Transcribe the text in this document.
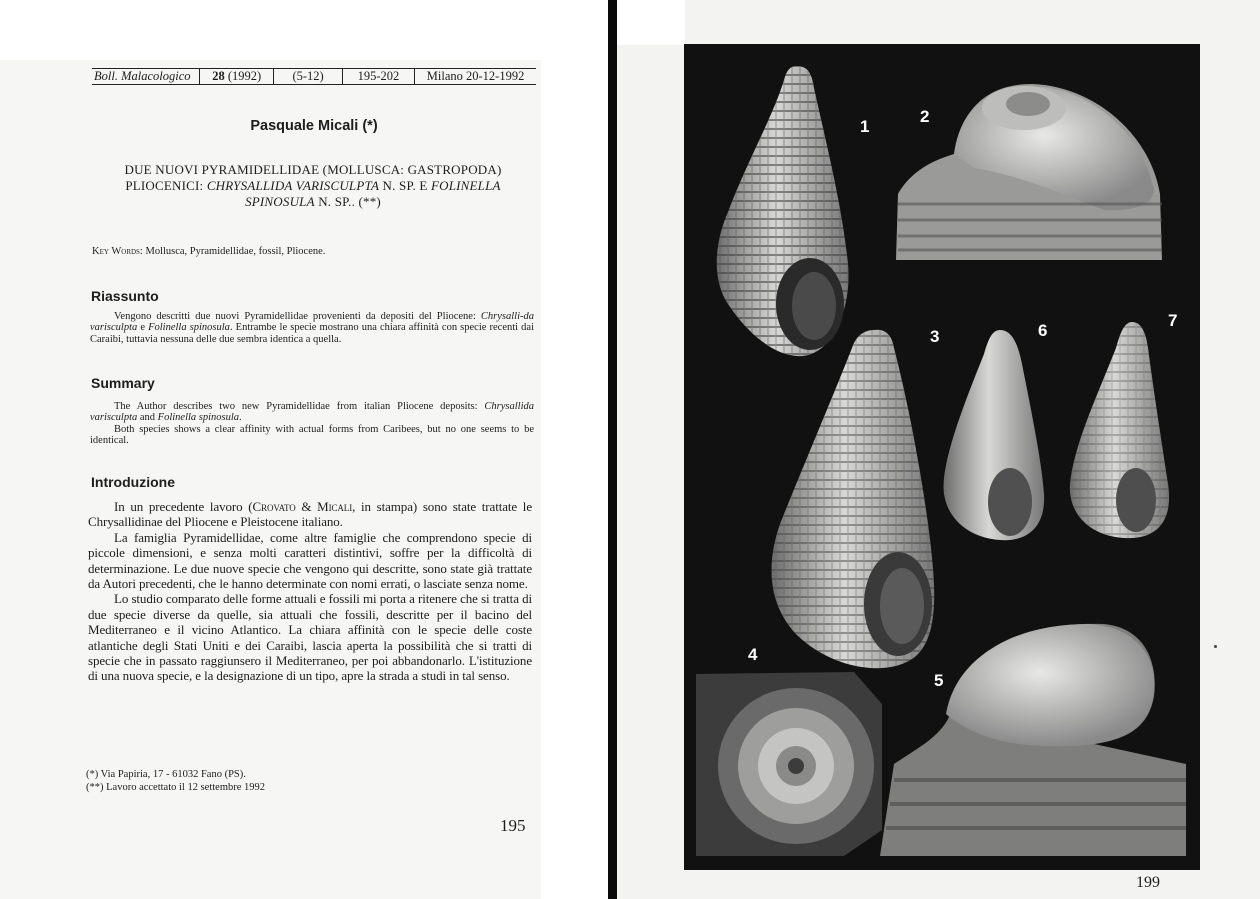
Boll. Malacologico	28 (1992)	(5-12)	195-202	Milano 20-12-1992
Pasquale Micali (*)
DUE NUOVI PYRAMIDELLIDAE (MOLLUSCA: GASTROPODA)
PLIOCENICI: CHRYSALLIDA VARISCULPTA N. SP. E FOLINELLA
SPINOSULA N. SP.. (**)
Key Words: Mollusca, Pyramidellidae, fossil, Pliocene.
Riassunto

Vengono descritti due nuovi Pyramidellidae provenienti da depositi del Pliocene: Chrysalli-da varisculpta e Folinella spinosula. Entrambe le specie mostrano una chiara affinità con specie recenti dai Caraibi, tuttavia nessuna delle due sembra identica a quella.

Summary

The Author describes two new Pyramidellidae from italian Pliocene deposits: Chrysallida varisculpta and Folinella spinosula.

Both species shows a clear affinity with actual forms from Caribees, but no one seems to be identical.

Introduzione

In un precedente lavoro (Crovato & Micali, in stampa) sono state trattate le Chrysallidinae del Pliocene e Pleistocene italiano.

La famiglia Pyramidellidae, come altre famiglie che comprendono specie di piccole dimensioni, e senza molti caratteri distintivi, soffre per la difficoltà di determinazione. Le due nuove specie che vengono qui descritte, sono state già trattate da Autori precedenti, che le hanno determinate con nomi errati, o lasciate senza nome.

Lo studio comparato delle forme attuali e fossili mi porta a ritenere che si tratta di due specie diverse da quelle, sia attuali che fossili, descritte per il bacino del Mediterraneo e il vicino Atlantico. La chiara affinità con le specie delle coste atlantiche degli Stati Uniti e dei Caraibi, lascia aperta la possibilità che si tratti di specie che in passato raggiunsero il Mediterraneo, per poi abbandonarlo. L'istituzione di una nuova specie, e la designazione di un tipo, apre la strada a studi in tal senso.

(*) Via Papiria, 17 - 61032 Fano (PS).
(**) Lavoro accettato il 12 settembre 1992
195
1
2
3
4
5
6
7
199
